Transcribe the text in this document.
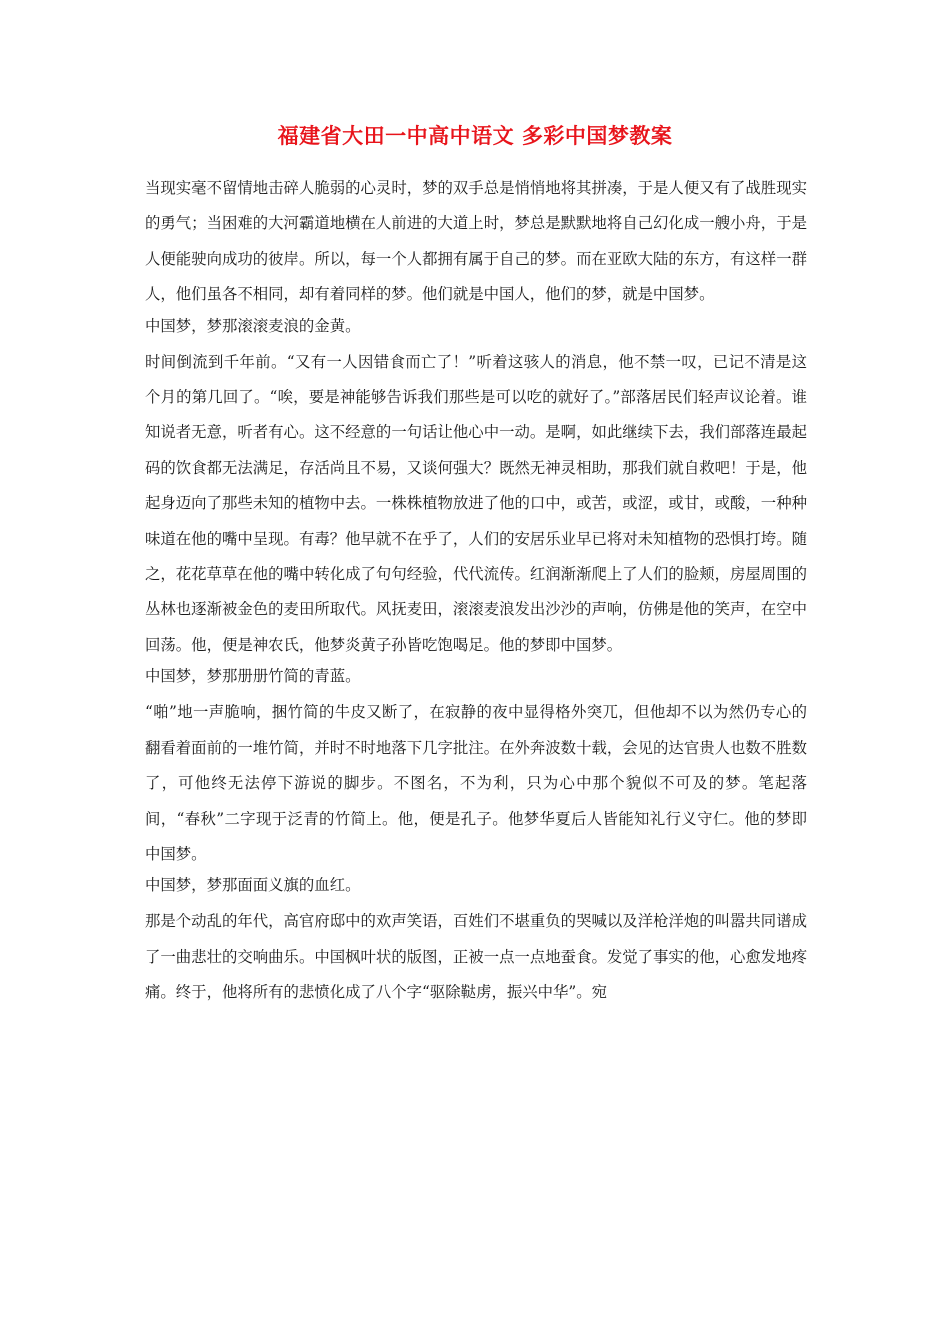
福建省大田一中高中语文 多彩中国梦教案

当现实毫不留情地击碎人脆弱的心灵时，梦的双手总是悄悄地将其拼凑，于是人便又有了战胜现实的勇气；当困难的大河霸道地横在人前进的大道上时，梦总是默默地将自己幻化成一艘小舟，于是人便能驶向成功的彼岸。所以，每一个人都拥有属于自己的梦。而在亚欧大陆的东方，有这样一群人，他们虽各不相同，却有着同样的梦。他们就是中国人，他们的梦，就是中国梦。

中国梦，梦那滚滚麦浪的金黄。

时间倒流到千年前。“又有一人因错食而亡了！”听着这骇人的消息，他不禁一叹，已记不清是这个月的第几回了。“唉，要是神能够告诉我们那些是可以吃的就好了。”部落居民们轻声议论着。谁知说者无意，听者有心。这不经意的一句话让他心中一动。是啊，如此继续下去，我们部落连最起码的饮食都无法满足，存活尚且不易，又谈何强大？既然无神灵相助，那我们就自救吧！于是，他起身迈向了那些未知的植物中去。一株株植物放进了他的口中，或苦，或涩，或甘，或酸，一种种味道在他的嘴中呈现。有毒？他早就不在乎了，人们的安居乐业早已将对未知植物的恐惧打垮。随之，花花草草在他的嘴中转化成了句句经验，代代流传。红润渐渐爬上了人们的脸颊，房屋周围的丛林也逐渐被金色的麦田所取代。风抚麦田，滚滚麦浪发出沙沙的声响，仿佛是他的笑声，在空中回荡。他，便是神农氏，他梦炎黄子孙皆吃饱喝足。他的梦即中国梦。

中国梦，梦那册册竹简的青蓝。

“啪”地一声脆响，捆竹简的牛皮又断了，在寂静的夜中显得格外突兀，但他却不以为然仍专心的翻看着面前的一堆竹简，并时不时地落下几字批注。在外奔波数十载，会见的达官贵人也数不胜数了，可他终无法停下游说的脚步。不图名，不为利，只为心中那个貌似不可及的梦。笔起落间，“春秋”二字现于泛青的竹简上。他，便是孔子。他梦华夏后人皆能知礼行义守仁。他的梦即中国梦。

中国梦，梦那面面义旗的血红。

那是个动乱的年代，高官府邸中的欢声笑语，百姓们不堪重负的哭喊以及洋枪洋炮的叫嚣共同谱成了一曲悲壮的交响曲乐。中国枫叶状的版图，正被一点一点地蚕食。发觉了事实的他，心愈发地疼痛。终于，他将所有的悲愤化成了八个字“驱除鞑虏，振兴中华”。宛
